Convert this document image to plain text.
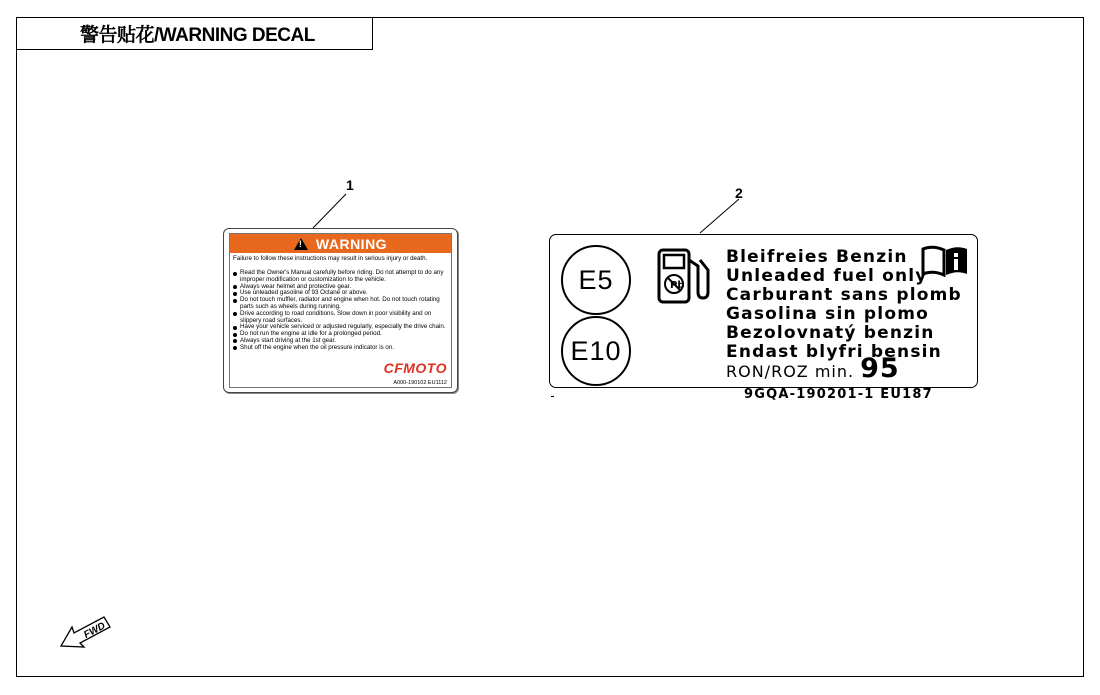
警告贴花/WARNING DECAL
1	2
!
WARNING
Failure to follow these instructions may result in serious injury or death.
Read the Owner's Manual carefully before riding. Do not attempt to do any improper modification or customization to the vehicle.
Always wear helmet and protective gear.
Use unleaded gasoline of 93 Octane or above.
Do not touch muffler, radiator and engine when hot. Do not touch rotating parts such as wheels during running.
Drive according to road conditions. Slow down in poor visibility and on slippery road surfaces.
Have your vehicle serviced or adjusted regularly, especially the drive chain.
Do not run the engine at idle for a prolonged period.
Always start driving at the 1st gear.
Shut off the engine when the oil pressure indicator is on.
CFMOTO
A000-190102 EU1112
E5
E10
Pb
Bleifreies Benzin
Unleaded fuel only
Carburant sans plomb
Gasolina sin plomo
Bezolovnatý benzin
Endast blyfri bensin
RON/ROZ min. 95
9GQA-190201-1 EU187
FWD
